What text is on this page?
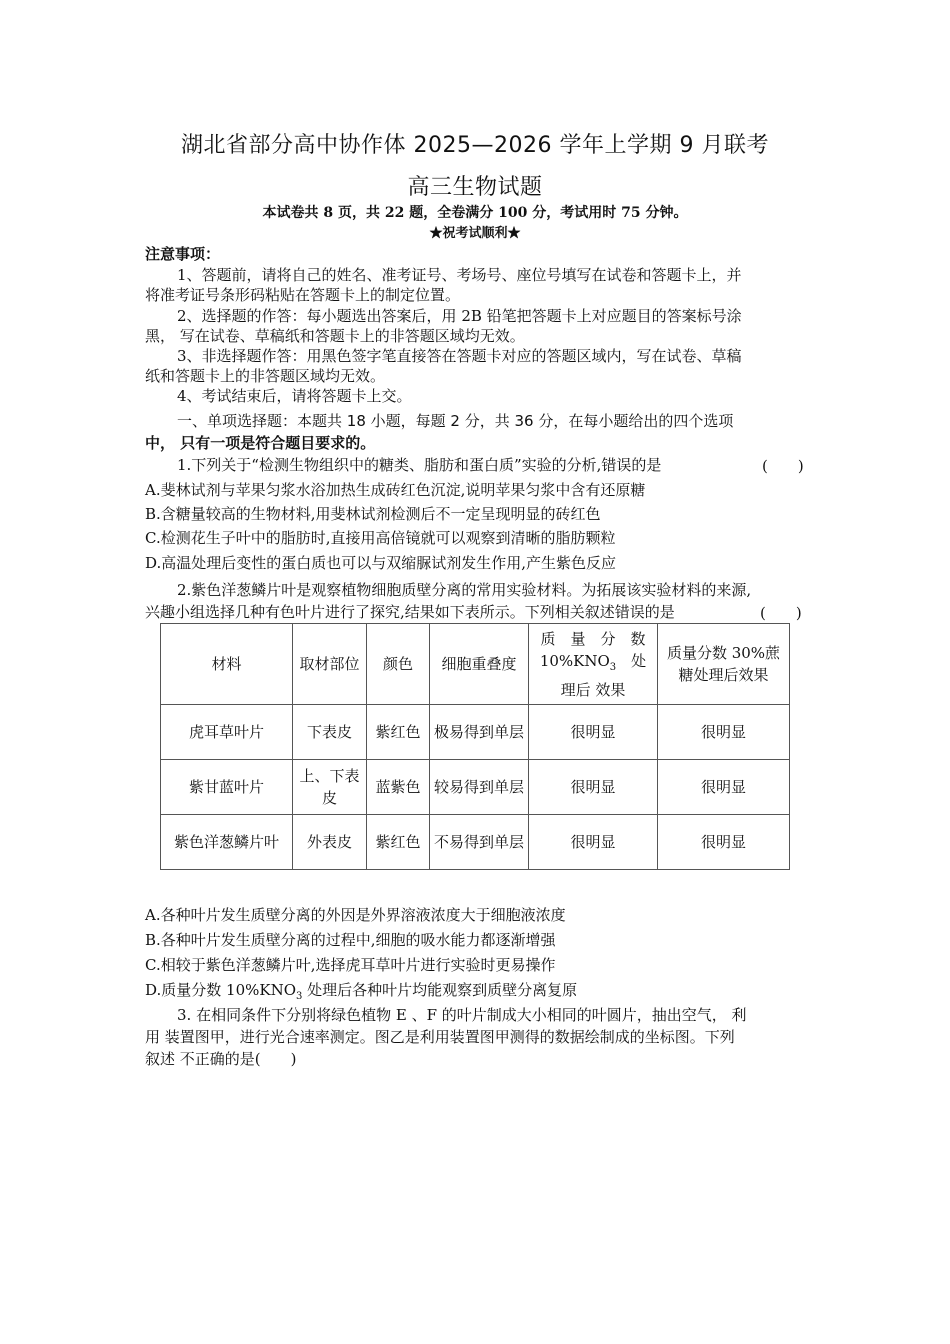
湖北省部分高中协作体 2025—2026 学年上学期 9 月联考
高三生物试题
本试卷共 8 页，共 22 题，全卷满分 100 分，考试用时 75 分钟。
★祝考试顺利★
注意事项：
1、答题前，请将自己的姓名、准考证号、考场号、座位号填写在试卷和答题卡上，并
将准考证号条形码粘贴在答题卡上的制定位置。
2、选择题的作答：每小题选出答案后，用 2B 铅笔把答题卡上对应题目的答案标号涂
黑， 写在试卷、草稿纸和答题卡上的非答题区域均无效。
3、非选择题作答：用黑色签字笔直接答在答题卡对应的答题区域内，写在试卷、草稿
纸和答题卡上的非答题区域均无效。
4、考试结束后，请将答题卡上交。
一、单项选择题：本题共 18 小题，每题 2 分，共 36 分，在每小题给出的四个选项
中， 只有一项是符合题目要求的。
1.下列关于“检测生物组织中的糖类、脂肪和蛋白质”实验的分析,错误的是	(　　)
A.斐林试剂与苹果匀浆水浴加热生成砖红色沉淀,说明苹果匀浆中含有还原糖
B.含糖量较高的生物材料,用斐林试剂检测后不一定呈现明显的砖红色
C.检测花生子叶中的脂肪时,直接用高倍镜就可以观察到清晰的脂肪颗粒
D.高温处理后变性的蛋白质也可以与双缩脲试剂发生作用,产生紫色反应
2.紫色洋葱鳞片叶是观察植物细胞质壁分离的常用实验材料。为拓展该实验材料的来源,
兴趣小组选择几种有色叶片进行了探究,结果如下表所示。下列相关叙述错误的是	(　　)
材料	取材部位	颜色	细胞重叠度	质　量　分　数 $10\%KNO_3$　处 理后 效果	质量分数 30%蔗 糖处理后效果
虎耳草叶片	下表皮	紫红色	极易得到单层	很明显	很明显
紫甘蓝叶片	上、下表皮	蓝紫色	较易得到单层	很明显	很明显
紫色洋葱鳞片叶	外表皮	紫红色	不易得到单层	很明显	很明显
A.各种叶片发生质壁分离的外因是外界溶液浓度大于细胞液浓度
B.各种叶片发生质壁分离的过程中,细胞的吸水能力都逐渐增强
C.相较于紫色洋葱鳞片叶,选择虎耳草叶片进行实验时更易操作
D.质量分数 $10\%KNO_3$ 处理后各种叶片均能观察到质壁分离复原
3. 在相同条件下分别将绿色植物 E 、F 的叶片制成大小相同的叶圆片，抽出空气， 利
用 装置图甲，进行光合速率测定。图乙是利用装置图甲测得的数据绘制成的坐标图。下列
叙述 不正确的是(　　)
